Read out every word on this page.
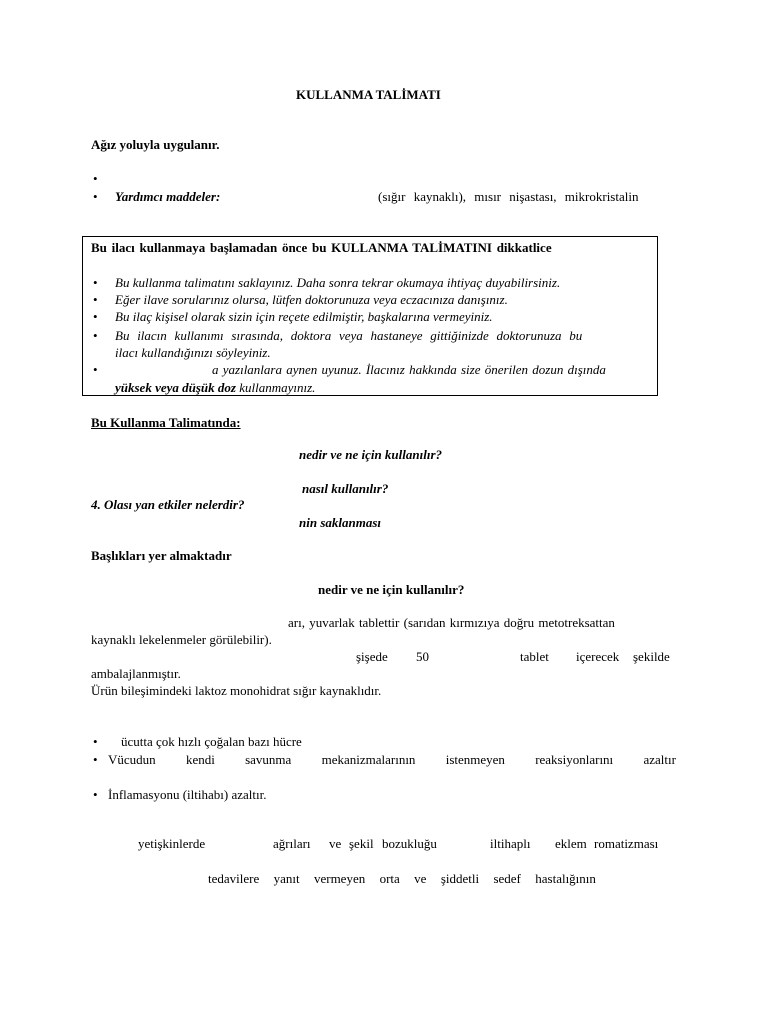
KULLANMA TALİMATI
Ağız yoluyla uygulanır.
•
• Yardımcı maddeler:	(sığır kaynaklı), mısır nişastası, mikrokristalin
Bu ilacı kullanmaya başlamadan önce bu KULLANMA TALİMATINI dikkatlice
• Bu kullanma talimatını saklayınız. Daha sonra tekrar okumaya ihtiyaç duyabilirsiniz.
• Eğer ilave sorularınız olursa, lütfen doktorunuza veya eczacınıza danışınız.
• Bu ilaç kişisel olarak sizin için reçete edilmiştir, başkalarına vermeyiniz.
• Bu ilacın kullanımı sırasında, doktora veya hastaneye gittiğinizde doktorunuza bu
ilacı kullandığınızı söyleyiniz.
•	a yazılanlara aynen uyunuz. İlacınız hakkında size önerilen dozun dışında
yüksek veya düşük doz kullanmayınız.
Bu Kullanma Talimatında:
nedir ve ne için kullanılır?
nasıl kullanılır?
4. Olası yan etkiler nelerdir?
nin saklanması
Başlıkları yer almaktadır
nedir ve ne için kullanılır?
arı, yuvarlak tablettir (sarıdan kırmızıya doğru metotreksattan
kaynaklı lekelenmeler görülebilir).
şişede 50	tablet içerecek şekilde
ambalajlanmıştır.
Ürün bileşimindeki laktoz monohidrat sığır kaynaklıdır.
• ücutta çok hızlı çoğalan bazı hücre
• Vücudun kendi savunma mekanizmalarının istenmeyen reaksiyonlarını azaltır
• İnflamasyonu (iltihabı) azaltır.
yetişkinlerde	ağrıları ve şekil bozukluğu	iltihaplı eklem romatizması
tedavilere yanıt vermeyen orta ve şiddetli sedef hastalığının
